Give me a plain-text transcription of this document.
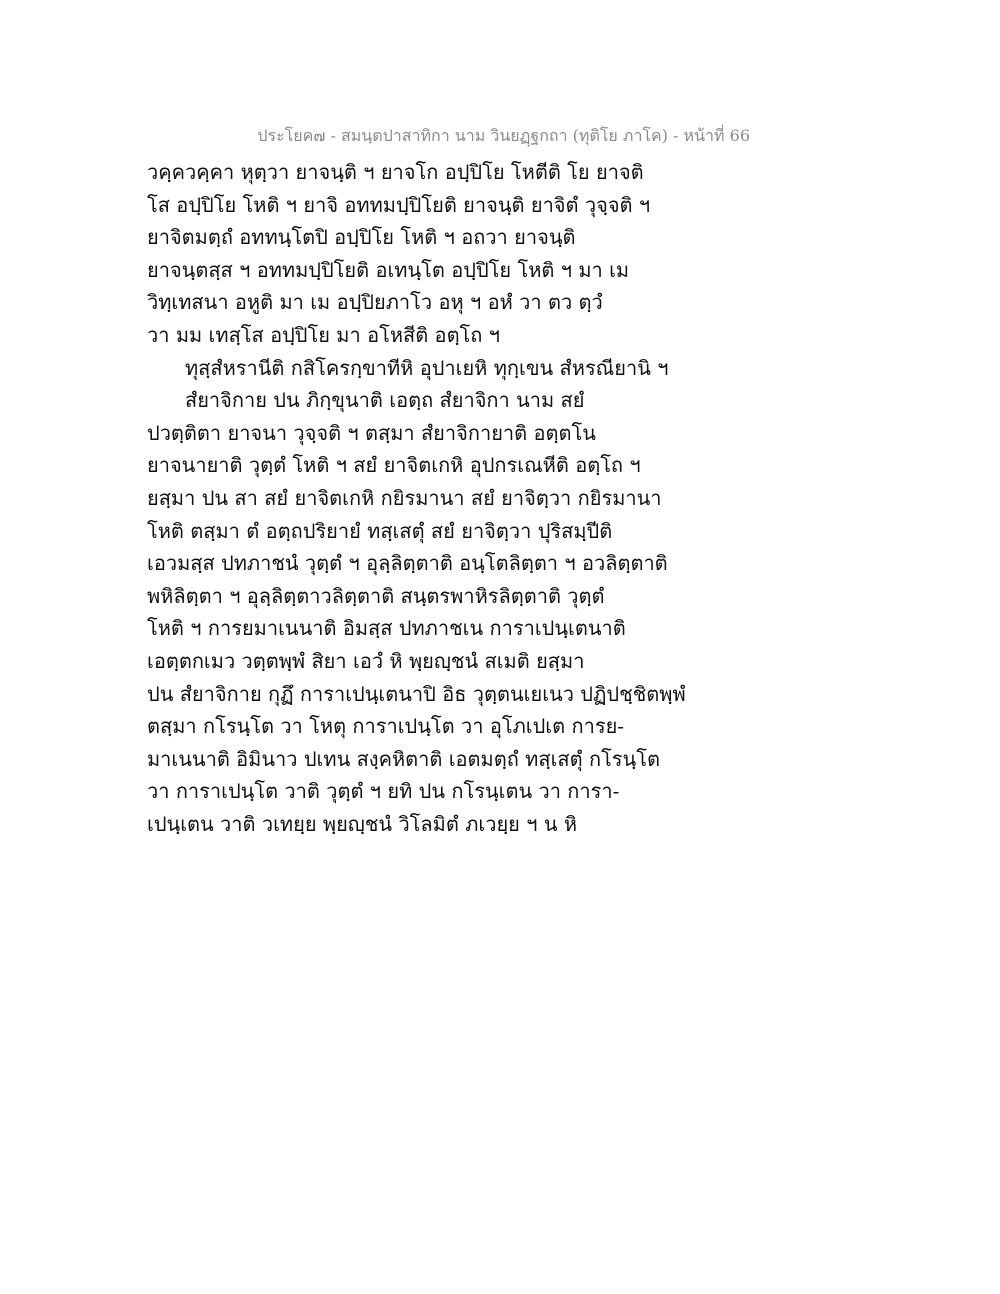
ประโยค๗ - สมนฺตปาสาทิกา นาม วินยฏฺฐกถา (ทุติโย ภาโค) - หน้าที่ 66
วคฺควคฺคา หุตฺวา ยาจนฺติ ฯ ยาจโก อปฺปิโย โหตีติ โย ยาจติ
โส อปฺปิโย โหติ ฯ ยาจิ อททมปฺปิโยติ ยาจนฺติ ยาจิตํ วุจฺจติ ฯ
ยาจิตมตฺถํ อททนฺโตปิ อปฺปิโย โหติ ฯ อถวา ยาจนฺติ
ยาจนฺตสฺส ฯ อททมปฺปิโยติ อเทนฺโต อปฺปิโย โหติ ฯ มา เม
วิทฺเทสนา อหูติ มา เม อปฺปิยภาโว อหุ ฯ อหํ วา ตว ตฺวํ
วา มม เทสฺโส อปฺปิโย มา อโหสีติ อตฺโถ ฯ
ทุสฺสํหรานีติ กสิโครกฺขาทีหิ อุปาเยหิ ทุกฺเขน สํหรณียานิ ฯ
สํยาจิกาย ปน ภิกฺขุนาติ เอตฺถ สํยาจิกา นาม สยํ
ปวตฺติตา ยาจนา วุจฺจติ ฯ ตสฺมา สํยาจิกายาติ อตฺตโน
ยาจนายาติ วุตฺตํ โหติ ฯ สยํ ยาจิตเกหิ อุปกรเณหีติ อตฺโถ ฯ
ยสฺมา ปน สา สยํ ยาจิตเกหิ กยิรมานา สยํ ยาจิตฺวา กยิรมานา
โหติ ตสฺมา ตํ อตฺถปริยายํ ทสฺเสตุํ สยํ ยาจิตฺวา ปุริสมฺปีติ
เอวมสฺส ปทภาชนํ วุตฺตํ ฯ อุลฺลิตฺตาติ อนฺโตลิตฺตา ฯ อวลิตฺตาติ
พหิลิตฺตา ฯ อุลฺลิตฺตาวลิตฺตาติ สนฺตรพาหิรลิตฺตาติ วุตฺตํ
โหติ ฯ การยมาเนนาติ อิมสฺส ปทภาชเน การาเปนฺเตนาติ
เอตฺตกเมว วตฺตพฺพํ สิยา เอวํ หิ พฺยญฺชนํ สเมติ ยสฺมา
ปน สํยาจิกาย กุฏึ การาเปนฺเตนาปิ อิธ วุตฺตนเยเนว ปฏิปชฺชิตพฺพํ
ตสฺมา กโรนฺโต วา โหตุ การาเปนฺโต วา อุโภเปเต การย-
มาเนนาติ อิมินาว ปเทน สงฺคหิตาติ เอตมตฺถํ ทสฺเสตุํ กโรนฺโต
วา การาเปนฺโต วาติ วุตฺตํ ฯ ยทิ ปน กโรนฺเตน วา การา-
เปนฺเตน วาติ วเทยฺย พฺยญฺชนํ วิโลมิตํ ภเวยฺย ฯ น หิ
